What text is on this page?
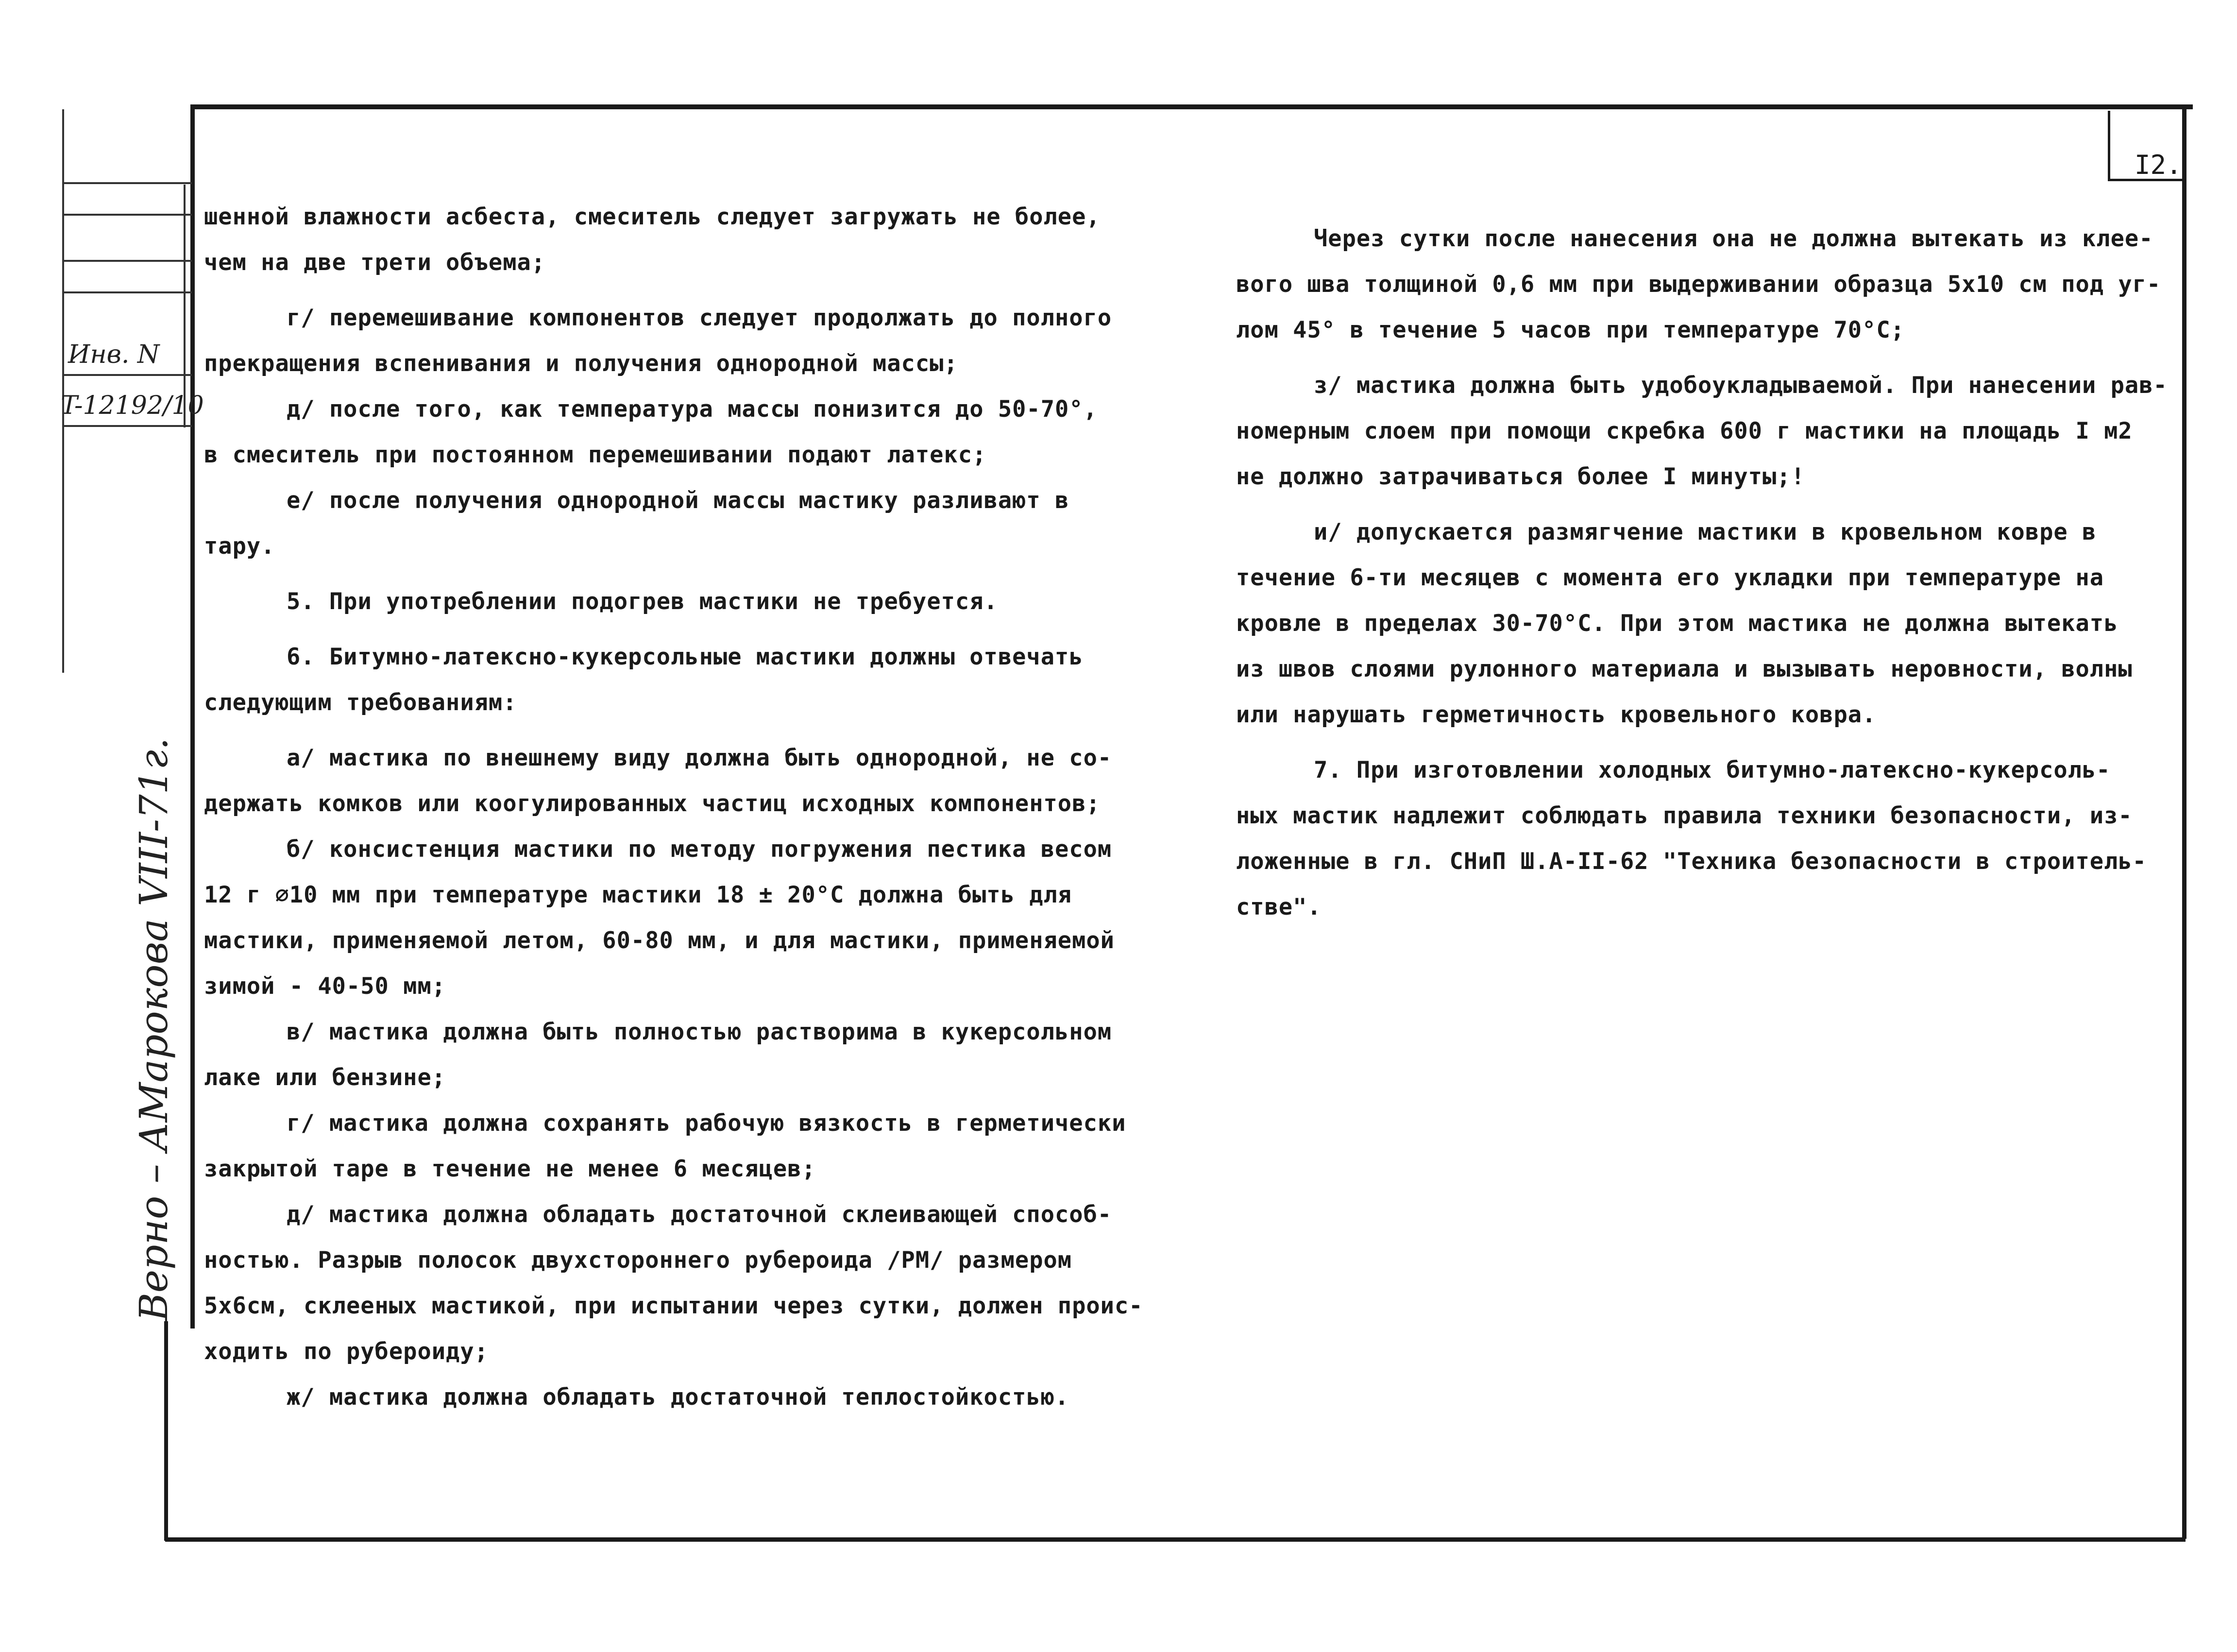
Инв. N
T-12192/10
Верно – АМарокова VIII-71г.
I2.
шенной влажности асбеста, смеситель следует загружать не более,
чем на две трети объема;
г/ перемешивание компонентов следует продолжать до полного
прекращения вспенивания и получения однородной массы;
д/ после того, как температура массы понизится до 50-70°,
в смеситель при постоянном перемешивании подают латекс;
е/ после получения однородной массы мастику разливают в
тару.
5. При употреблении подогрев мастики не требуется.
6. Битумно-латексно-кукерсольные мастики должны отвечать
следующим требованиям:
а/ мастика по внешнему виду должна быть однородной, не со-
держать комков или коогулированных частиц исходных компонентов;
б/ консистенция мастики по методу погружения пестика весом
12 г ∅10 мм при температуре мастики 18 ± 20°С должна быть для
мастики, применяемой летом, 60-80 мм, и для мастики, применяемой
зимой - 40-50 мм;
в/ мастика должна быть полностью растворима в кукерсольном
лаке или бензине;
г/ мастика должна сохранять рабочую вязкость в герметически
закрытой таре в течение не менее 6 месяцев;
д/ мастика должна обладать достаточной склеивающей способ-
ностью. Разрыв полосок двухстороннего рубероида /РМ/ размером
5х6см, склееных мастикой, при испытании через сутки, должен проис-
ходить по рубероиду;
ж/ мастика должна обладать достаточной теплостойкостью.
Через сутки после нанесения она не должна вытекать из клее-
вого шва толщиной 0,6 мм при выдерживании образца 5х10 см под уг-
лом 45° в течение 5 часов при температуре 70°С;
з/ мастика должна быть удобоукладываемой. При нанесении рав-
номерным слоем при помощи скребка 600 г мастики на площадь I м2
не должно затрачиваться более I минуты;!
и/ допускается размягчение мастики в кровельном ковре в
течение 6-ти месяцев с момента его укладки при температуре на
кровле в пределах 30-70°С. При этом мастика не должна вытекать
из швов слоями рулонного материала и вызывать неровности, волны
или нарушать герметичность кровельного ковра.
7. При изготовлении холодных битумно-латексно-кукерсоль-
ных мастик надлежит соблюдать правила техники безопасности, из-
ложенные в гл. СНиП Ш.А-II-62 "Техника безопасности в строитель-
стве".
